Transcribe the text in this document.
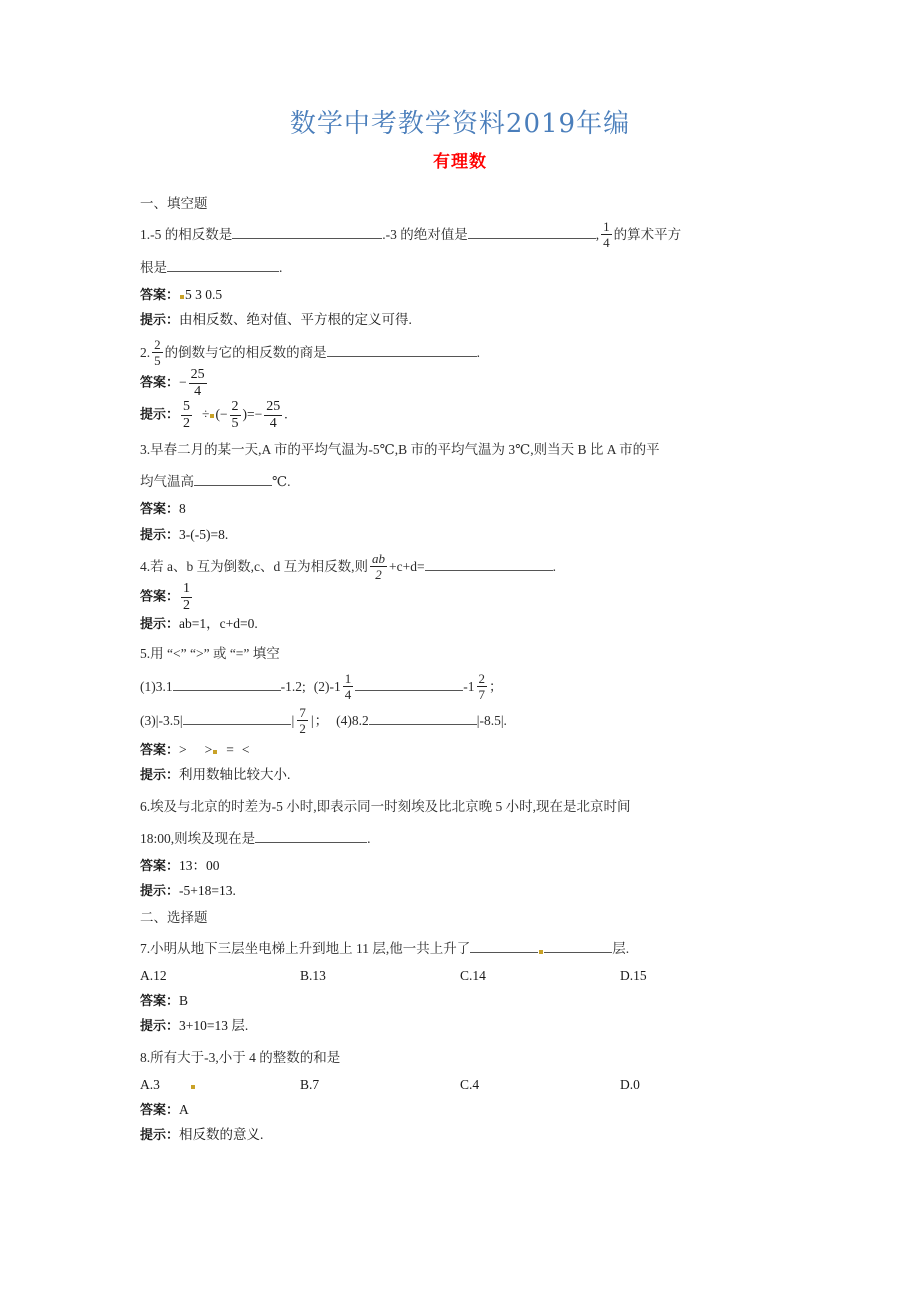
数学中考教学资料2019年编
有理数
一、填空题
1.-5 的相反数是	.-3 的绝对值是	, $\frac{1}{4}$ 的算术平方
根是	.
答案： 5 3 0.5
提示：由相反数、绝对值、平方根的定义可得.
2. $\frac{2}{5}$ 的倒数与它的相反数的商是	.
答案：− $\frac{25}{4}$
提示： $\frac{5}{2}$ ÷ (− $\frac{2}{5}$ )=− $\frac{25}{4}$ .
3.早春二月的某一天,A 市的平均气温为-5℃,B 市的平均气温为 3℃,则当天 B 比 A 市的平
均气温高	℃.
答案：8
提示：3-(-5)=8.
4.若 a、b 互为倒数,c、d 互为相反数,则 $\frac{ab}{2} +c+d=$	.
答案： $\frac{1}{2}$
提示：ab=1，c+d=0.
5.用 “<” “>” 或 “=” 填空
(1)3.1	-1.2; $(2)-1 \frac{1}{4}$	$-1 \frac{2}{7}$ ；
(3)|-3.5|	| $\frac{7}{2}$ |； (4)8.2	|-8.5|.
答案：> > = <
提示：利用数轴比较大小.
6.埃及与北京的时差为-5 小时,即表示同一时刻埃及比北京晚 5 小时,现在是北京时间
18:00,则埃及现在是	.
答案：13：00
提示：-5+18=13.
二、选择题
7.小明从地下三层坐电梯上升到地上 11 层,他一共上升了	层.
A.12	B.13	C.14	D.15
答案：B
提示：3+10=13 层.
8.所有大于-3,小于 4 的整数的和是
A.3	B.7	C.4	D.0
答案：A
提示：相反数的意义.
